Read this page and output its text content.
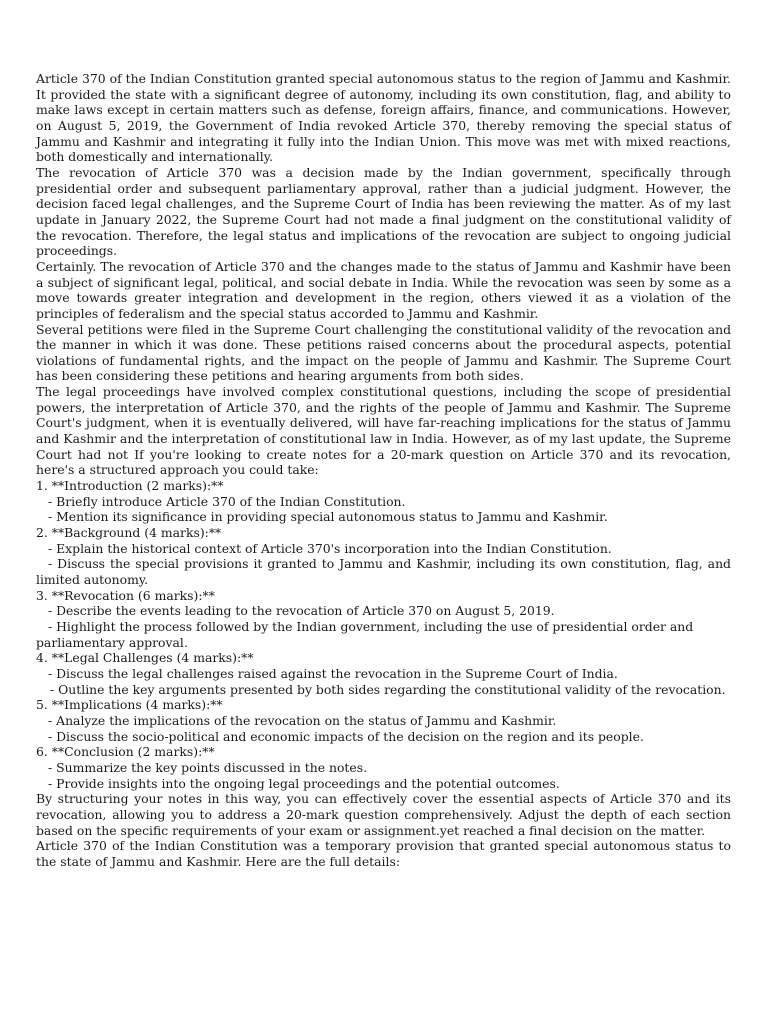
Article 370 of the Indian Constitution granted special autonomous status to the region of Jammu and Kashmir. It provided the state with a significant degree of autonomy, including its own constitution, flag, and ability to make laws except in certain matters such as defense, foreign affairs, finance, and communications. However, on August 5, 2019, the Government of India revoked Article 370, thereby removing the special status of Jammu and Kashmir and integrating it fully into the Indian Union. This move was met with mixed reactions, both domestically and internationally.

The revocation of Article 370 was a decision made by the Indian government, specifically through presidential order and subsequent parliamentary approval, rather than a judicial judgment. However, the decision faced legal challenges, and the Supreme Court of India has been reviewing the matter. As of my last update in January 2022, the Supreme Court had not made a final judgment on the constitutional validity of the revocation. Therefore, the legal status and implications of the revocation are subject to ongoing judicial proceedings.

Certainly. The revocation of Article 370 and the changes made to the status of Jammu and Kashmir have been a subject of significant legal, political, and social debate in India. While the revocation was seen by some as a move towards greater integration and development in the region, others viewed it as a violation of the principles of federalism and the special status accorded to Jammu and Kashmir.

Several petitions were filed in the Supreme Court challenging the constitutional validity of the revocation and the manner in which it was done. These petitions raised concerns about the procedural aspects, potential violations of fundamental rights, and the impact on the people of Jammu and Kashmir. The Supreme Court has been considering these petitions and hearing arguments from both sides.

The legal proceedings have involved complex constitutional questions, including the scope of presidential powers, the interpretation of Article 370, and the rights of the people of Jammu and Kashmir. The Supreme Court's judgment, when it is eventually delivered, will have far-reaching implications for the status of Jammu and Kashmir and the interpretation of constitutional law in India. However, as of my last update, the Supreme Court had not If you're looking to create notes for a 20-mark question on Article 370 and its revocation, here's a structured approach you could take:

1. **Introduction (2 marks):**

- Briefly introduce Article 370 of the Indian Constitution.

- Mention its significance in providing special autonomous status to Jammu and Kashmir.

2. **Background (4 marks):**

- Explain the historical context of Article 370's incorporation into the Indian Constitution.

- Discuss the special provisions it granted to Jammu and Kashmir, including its own constitution, flag, and limited autonomy.

3. **Revocation (6 marks):**

- Describe the events leading to the revocation of Article 370 on August 5, 2019.

- Highlight the process followed by the Indian government, including the use of presidential order and parliamentary approval.

4. **Legal Challenges (4 marks):**

- Discuss the legal challenges raised against the revocation in the Supreme Court of India.

- Outline the key arguments presented by both sides regarding the constitutional validity of the revocation.

5. **Implications (4 marks):**

- Analyze the implications of the revocation on the status of Jammu and Kashmir.

- Discuss the socio-political and economic impacts of the decision on the region and its people.

6. **Conclusion (2 marks):**

- Summarize the key points discussed in the notes.

- Provide insights into the ongoing legal proceedings and the potential outcomes.

By structuring your notes in this way, you can effectively cover the essential aspects of Article 370 and its revocation, allowing you to address a 20-mark question comprehensively. Adjust the depth of each section based on the specific requirements of your exam or assignment.yet reached a final decision on the matter.

Article 370 of the Indian Constitution was a temporary provision that granted special autonomous status to the state of Jammu and Kashmir. Here are the full details:
